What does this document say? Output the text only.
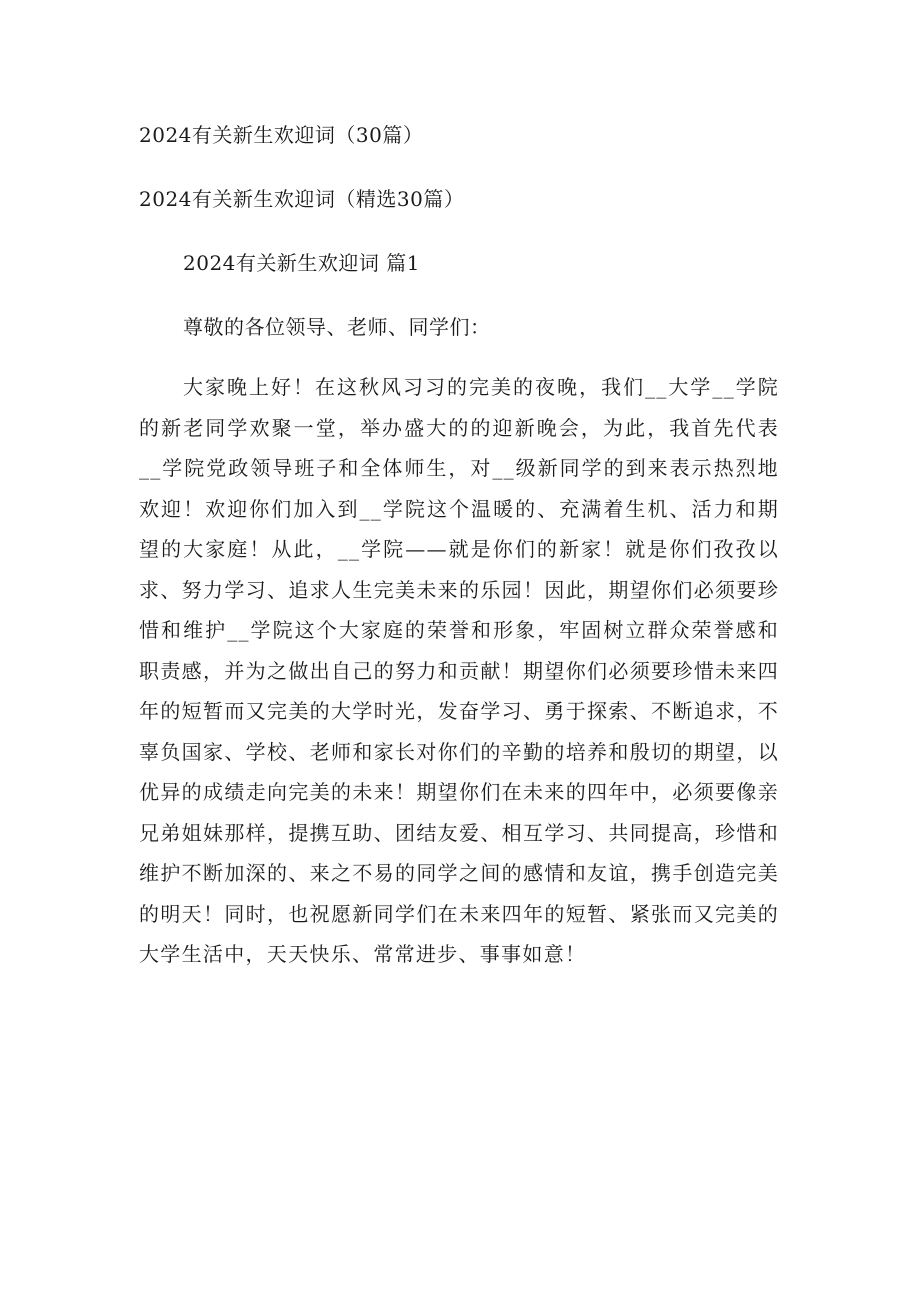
2024有关新生欢迎词（30篇）
2024有关新生欢迎词（精选30篇）
2024有关新生欢迎词 篇1
尊敬的各位领导、老师、同学们：

大家晚上好！在这秋风习习的完美的夜晚，我们__大学__学院的新老同学欢聚一堂，举办盛大的的迎新晚会，为此，我首先代表__学院党政领导班子和全体师生，对__级新同学的到来表示热烈地欢迎！欢迎你们加入到__学院这个温暖的、充满着生机、活力和期望的大家庭！从此，__学院——就是你们的新家！就是你们孜孜以求、努力学习、追求人生完美未来的乐园！因此，期望你们必须要珍惜和维护__学院这个大家庭的荣誉和形象，牢固树立群众荣誉感和职责感，并为之做出自己的努力和贡献！期望你们必须要珍惜未来四年的短暂而又完美的大学时光，发奋学习、勇于探索、不断追求，不辜负国家、学校、老师和家长对你们的辛勤的培养和殷切的期望，以优异的成绩走向完美的未来！期望你们在未来的四年中，必须要像亲兄弟姐妹那样，提携互助、团结友爱、相互学习、共同提高，珍惜和维护不断加深的、来之不易的同学之间的感情和友谊，携手创造完美的明天！同时，也祝愿新同学们在未来四年的短暂、紧张而又完美的大学生活中，天天快乐、常常进步、事事如意！
